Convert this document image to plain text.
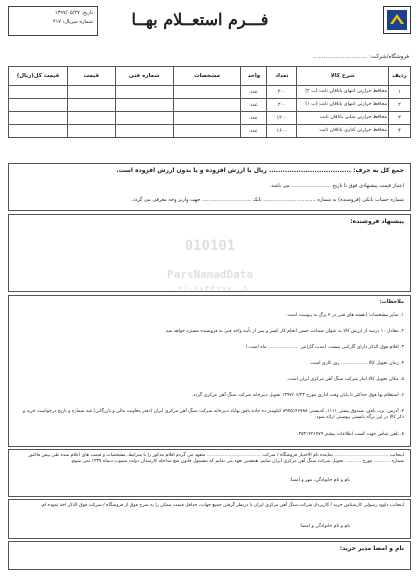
تاریخ: ۱۳۹۷/۰۵/۲۷
شماره سریال: ۴۱۷	فـــرم استعــلام بهــا
فروشگاه/شرکت: ...............................
ردیف	شرح کالا	تعداد	واحد	مشخصات	شماره فنی	قیمت	قیمت کل(ریال)
۱	محافظ حرارتی انتهای یاتاقان ثابت (ب ۲)	۲۰۰	عدد				
۲	محافظ حرارتی انتهای یاتاقان ثابت (ب ۱)	۲۰۰	عدد				
۳	محافظ حرارتی میانی یاتاقان ثابت	۱۲۰۰	عدد				
۴	محافظ حرارتی کناری یاتاقان ثابت	۱۶۰۰	عدد				
جمع کل به حرف: .................................... ریال با ارزش افزوده و یا بدون ارزش افزوده است.
اعتبار قیمت پیشنهادی فوق تا تاریخ ......................... می باشد.
شماره حساب بانکی (فروشنده) به شماره ................................. بانک ............................... جهت واریز وجه معرفی می گردد.
پیشنهاد فروشنده:
010101
ParsNamadData
۰۲۱-۸۸۳۴۶۹۷۰-۵
ملاحظات:
۱. سایر مشخصات (نقشه های فنی در ۴ برگ به پیوست است.
۲. معادل ۱۰ درصد از ارزش کالا به عنوان ضمانت حسن انجام کار کسر و پس از تأیید واحد فنی به فروشنده مسترد خواهد شد.
۳. اقلام فوق الذکر دارای گارانتی نیست. (مدت گارانتی ..................... ماه است.)
۴. زمان تحویل کالا .................. روز کاری است.
۵. مکان تحویل کالا انبار شرکت سنگ آهن مرکزی ایران است.
۶. استعلام بها فوق حداکثر تا پایان وقت اداری مورخ ۱۳۹۷/۰۶/۲۳ تحویل دبیرخانه شرکت سنگ آهن مرکزی گردد.
۷. آدرس: یزد، بافق، صندوق پستی ۱۱۱۱، کدپستی ۸۹۷۵۱۴۶۷۸۸ کیلومتر ده جاده بافق بهاباد دبیرخانه شرکت سنگ آهن مرکزی ایران (دفتر معاونت مالی و بازرگانی) فیه شماره و تاریخ درخواست خرید و ذکر کالا در این برگه بایستی پیوستی ارائه شود.
۸. تلفن تماس جهت کسب اطلاعات بیشتر ۰۳۵۳۱۴۲۶۷۷۹
اینجانب ..................................... نماینده تام الاختیار فروشگاه / شرکت ..................................... متعهد می گردم اقلام مذکور را با شرایط، مشخصات و قیمت های اعلام شده طی پیش فاکتور شماره ........... مورخ ........... تحویل شرکت سنگ آهن مرکزی ایران نمایم. همچنین تعهد می نمایم که مشمول قانون منع مداخله کارمندان دولت مصوب دیماه ۱۳۳۷ نمی شوم.
نام و نام خانوادگی، مهر و امضا:
اینجانب داوود رسولی کارشناس خرید / کارپرداز شرکت سنگ آهن مرکزی ایران با درنظر گرفتن جمیع جهات، حداقل قیمت ممکن را به شرح فوق از فروشگاه / شرکت فوق الذکر اخذ نموده ام.
نام و نام خانوادگی و امضا:
نام و امضا مدیر خرید:
